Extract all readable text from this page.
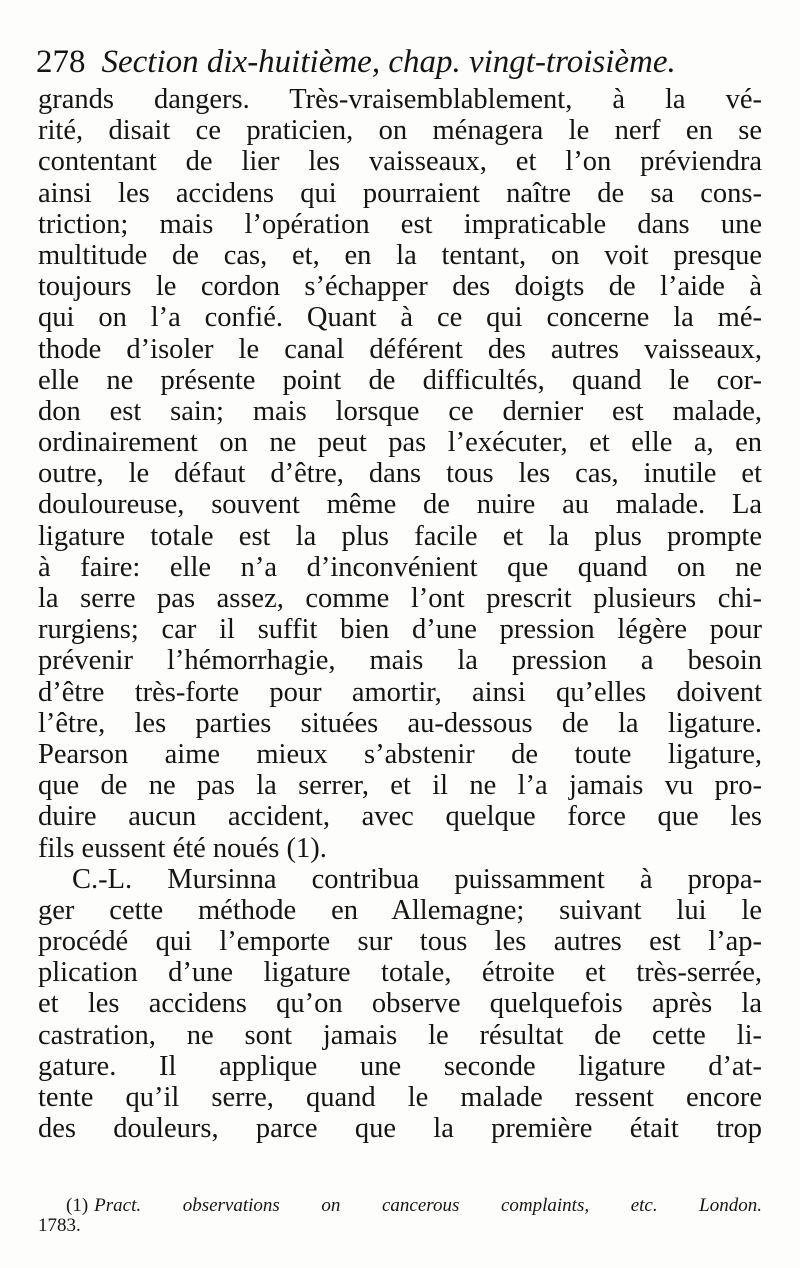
278 Section dix-huitième, chap. vingt-troisième.
grands dangers. Très-vraisemblablement, à la vé-
rité, disait ce praticien, on ménagera le nerf en se
contentant de lier les vaisseaux, et l’on préviendra
ainsi les accidens qui pourraient naître de sa cons-
triction; mais l’opération est impraticable dans une
multitude de cas, et, en la tentant, on voit presque
toujours le cordon s’échapper des doigts de l’aide à
qui on l’a confié. Quant à ce qui concerne la mé-
thode d’isoler le canal déférent des autres vaisseaux,
elle ne présente point de difficultés, quand le cor-
don est sain; mais lorsque ce dernier est malade,
ordinairement on ne peut pas l’exécuter, et elle a, en
outre, le défaut d’être, dans tous les cas, inutile et
douloureuse, souvent même de nuire au malade. La
ligature totale est la plus facile et la plus prompte
à faire: elle n’a d’inconvénient que quand on ne
la serre pas assez, comme l’ont prescrit plusieurs chi-
rurgiens; car il suffit bien d’une pression légère pour
prévenir l’hémorrhagie, mais la pression a besoin
d’être très-forte pour amortir, ainsi qu’elles doivent
l’être, les parties situées au-dessous de la ligature.
Pearson aime mieux s’abstenir de toute ligature,
que de ne pas la serrer, et il ne l’a jamais vu pro-
duire aucun accident, avec quelque force que les
fils eussent été noués (1).
C.-L. Mursinna contribua puissamment à propa-
ger cette méthode en Allemagne; suivant lui le
procédé qui l’emporte sur tous les autres est l’ap-
plication d’une ligature totale, étroite et très-serrée,
et les accidens qu’on observe quelquefois après la
castration, ne sont jamais le résultat de cette li-
gature. Il applique une seconde ligature d’at-
tente qu’il serre, quand le malade ressent encore
des douleurs, parce que la première était trop
(1) Pract. observations on cancerous complaints, etc. London.
1783.
